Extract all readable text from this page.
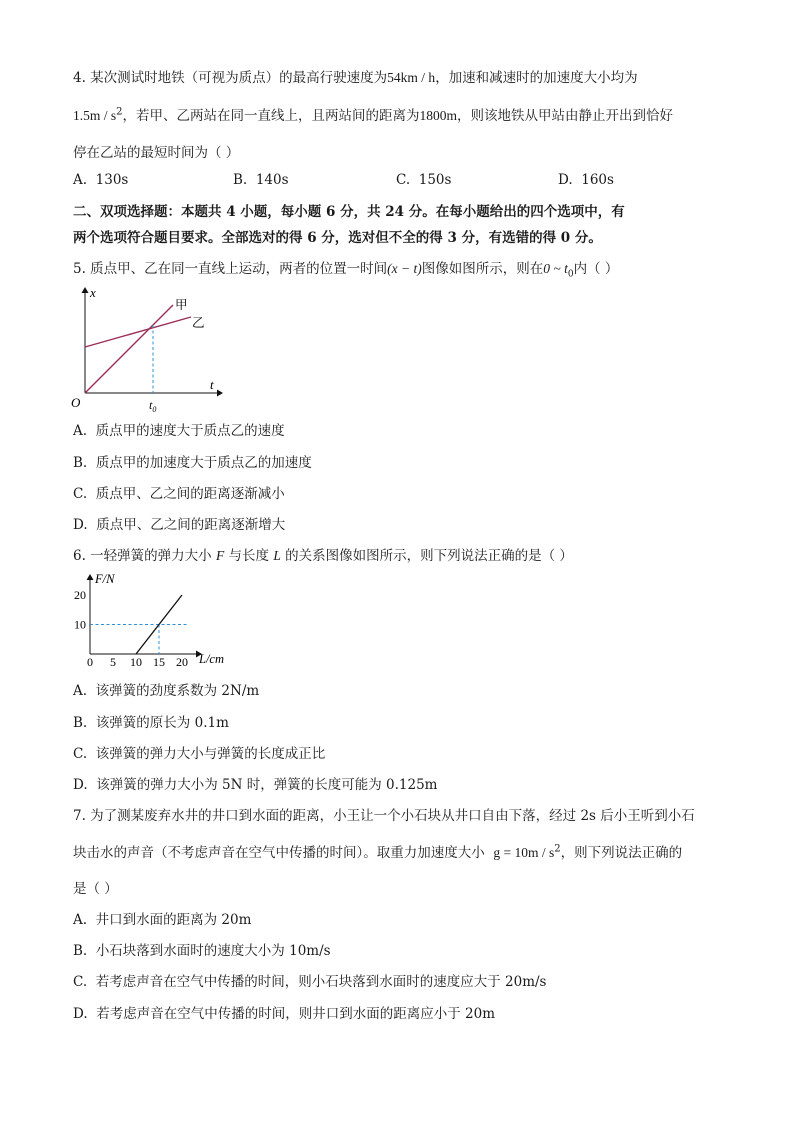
4. 某次测试时地铁（可视为质点）的最高行驶速度为54km / h，加速和减速时的加速度大小均为
$1.5m / s^2$，若甲、乙两站在同一直线上，且两站间的距离为1800m，则该地铁从甲站由静止开出到恰好
停在乙站的最短时间为（ ）
A. 130s	B. 140s	C. 150s	D. 160s
二、双项选择题：本题共 4 小题，每小题 6 分，共 24 分。在每小题给出的四个选项中，有
两个选项符合题目要求。全部选对的得 6 分，选对但不全的得 3 分，有选错的得 0 分。
5. 质点甲、乙在同一直线上运动，两者的位置一时间(x − t)图像如图所示，则在0 ~ $t_0$内（ ）
x
t
O
甲
乙
$t_0$
A. 质点甲的速度大于质点乙的速度
B. 质点甲的加速度大于质点乙的加速度
C. 质点甲、乙之间的距离逐渐减小
D. 质点甲、乙之间的距离逐渐增大
6. 一轻弹簧的弹力大小 F 与长度 L 的关系图像如图所示，则下列说法正确的是（ ）
F/N
L/cm
0 5 10 15 20
10
20
A. 该弹簧的劲度系数为 2N/m
B. 该弹簧的原长为 0.1m
C. 该弹簧的弹力大小与弹簧的长度成正比
D. 该弹簧的弹力大小为 5N 时，弹簧的长度可能为 0.125m
7. 为了测某废弃水井的井口到水面的距离，小王让一个小石块从井口自由下落，经过 2s 后小王听到小石
块击水的声音（不考虑声音在空气中传播的时间）。取重力加速度大小 $g = 10m / s^2$，则下列说法正确的
是（ ）
A. 井口到水面的距离为 20m
B. 小石块落到水面时的速度大小为 10m/s
C. 若考虑声音在空气中传播的时间，则小石块落到水面时的速度应大于 20m/s
D. 若考虑声音在空气中传播的时间，则井口到水面的距离应小于 20m
